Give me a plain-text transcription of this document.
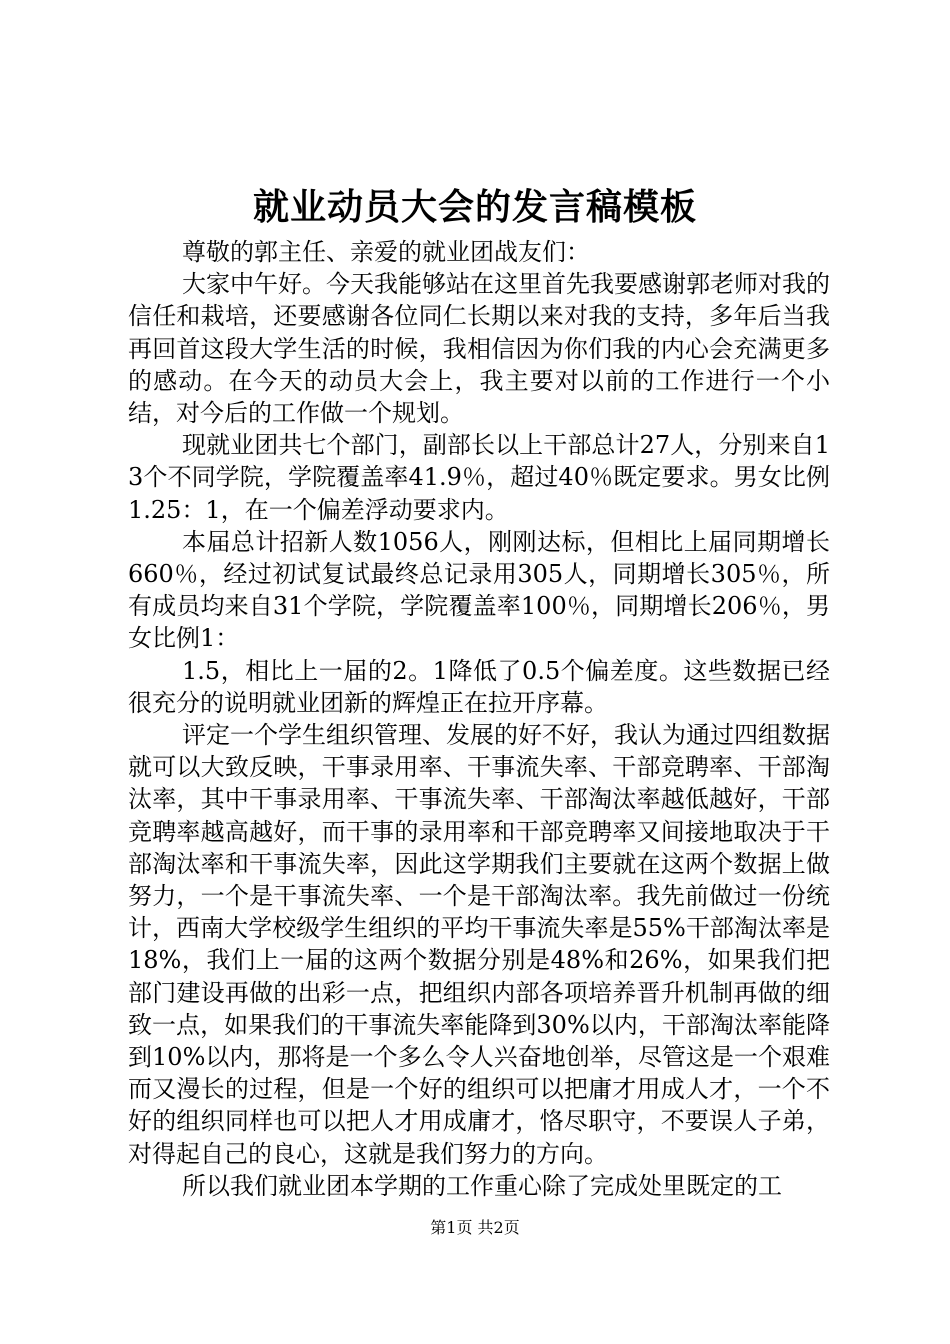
就业动员大会的发言稿模板

尊敬的郭主任、亲爱的就业团战友们：

大家中午好。今天我能够站在这里首先我要感谢郭老师对我的信任和栽培，还要感谢各位同仁长期以来对我的支持，多年后当我再回首这段大学生活的时候，我相信因为你们我的内心会充满更多的感动。在今天的动员大会上，我主要对以前的工作进行一个小结，对今后的工作做一个规划。

现就业团共七个部门，副部长以上干部总计27人，分别来自13个不同学院，学院覆盖率41.9％，超过40％既定要求。男女比例1.25：1，在一个偏差浮动要求内。

本届总计招新人数1056人，刚刚达标，但相比上届同期增长660％，经过初试复试最终总记录用305人，同期增长305％，所有成员均来自31个学院，学院覆盖率100％，同期增长206％，男女比例1：

1.5，相比上一届的2。1降低了0.5个偏差度。这些数据已经很充分的说明就业团新的辉煌正在拉开序幕。

评定一个学生组织管理、发展的好不好，我认为通过四组数据就可以大致反映，干事录用率、干事流失率、干部竞聘率、干部淘汰率，其中干事录用率、干事流失率、干部淘汰率越低越好，干部竞聘率越高越好，而干事的录用率和干部竞聘率又间接地取决于干部淘汰率和干事流失率，因此这学期我们主要就在这两个数据上做努力，一个是干事流失率、一个是干部淘汰率。我先前做过一份统计，西南大学校级学生组织的平均干事流失率是55%干部淘汰率是18%，我们上一届的这两个数据分别是48%和26%，如果我们把部门建设再做的出彩一点，把组织内部各项培养晋升机制再做的细致一点，如果我们的干事流失率能降到30%以内，干部淘汰率能降到10%以内，那将是一个多么令人兴奋地创举，尽管这是一个艰难而又漫长的过程，但是一个好的组织可以把庸才用成人才，一个不好的组织同样也可以把人才用成庸才，恪尽职守，不要误人子弟，对得起自己的良心，这就是我们努力的方向。

所以我们就业团本学期的工作重心除了完成处里既定的工

第1页 共2页
